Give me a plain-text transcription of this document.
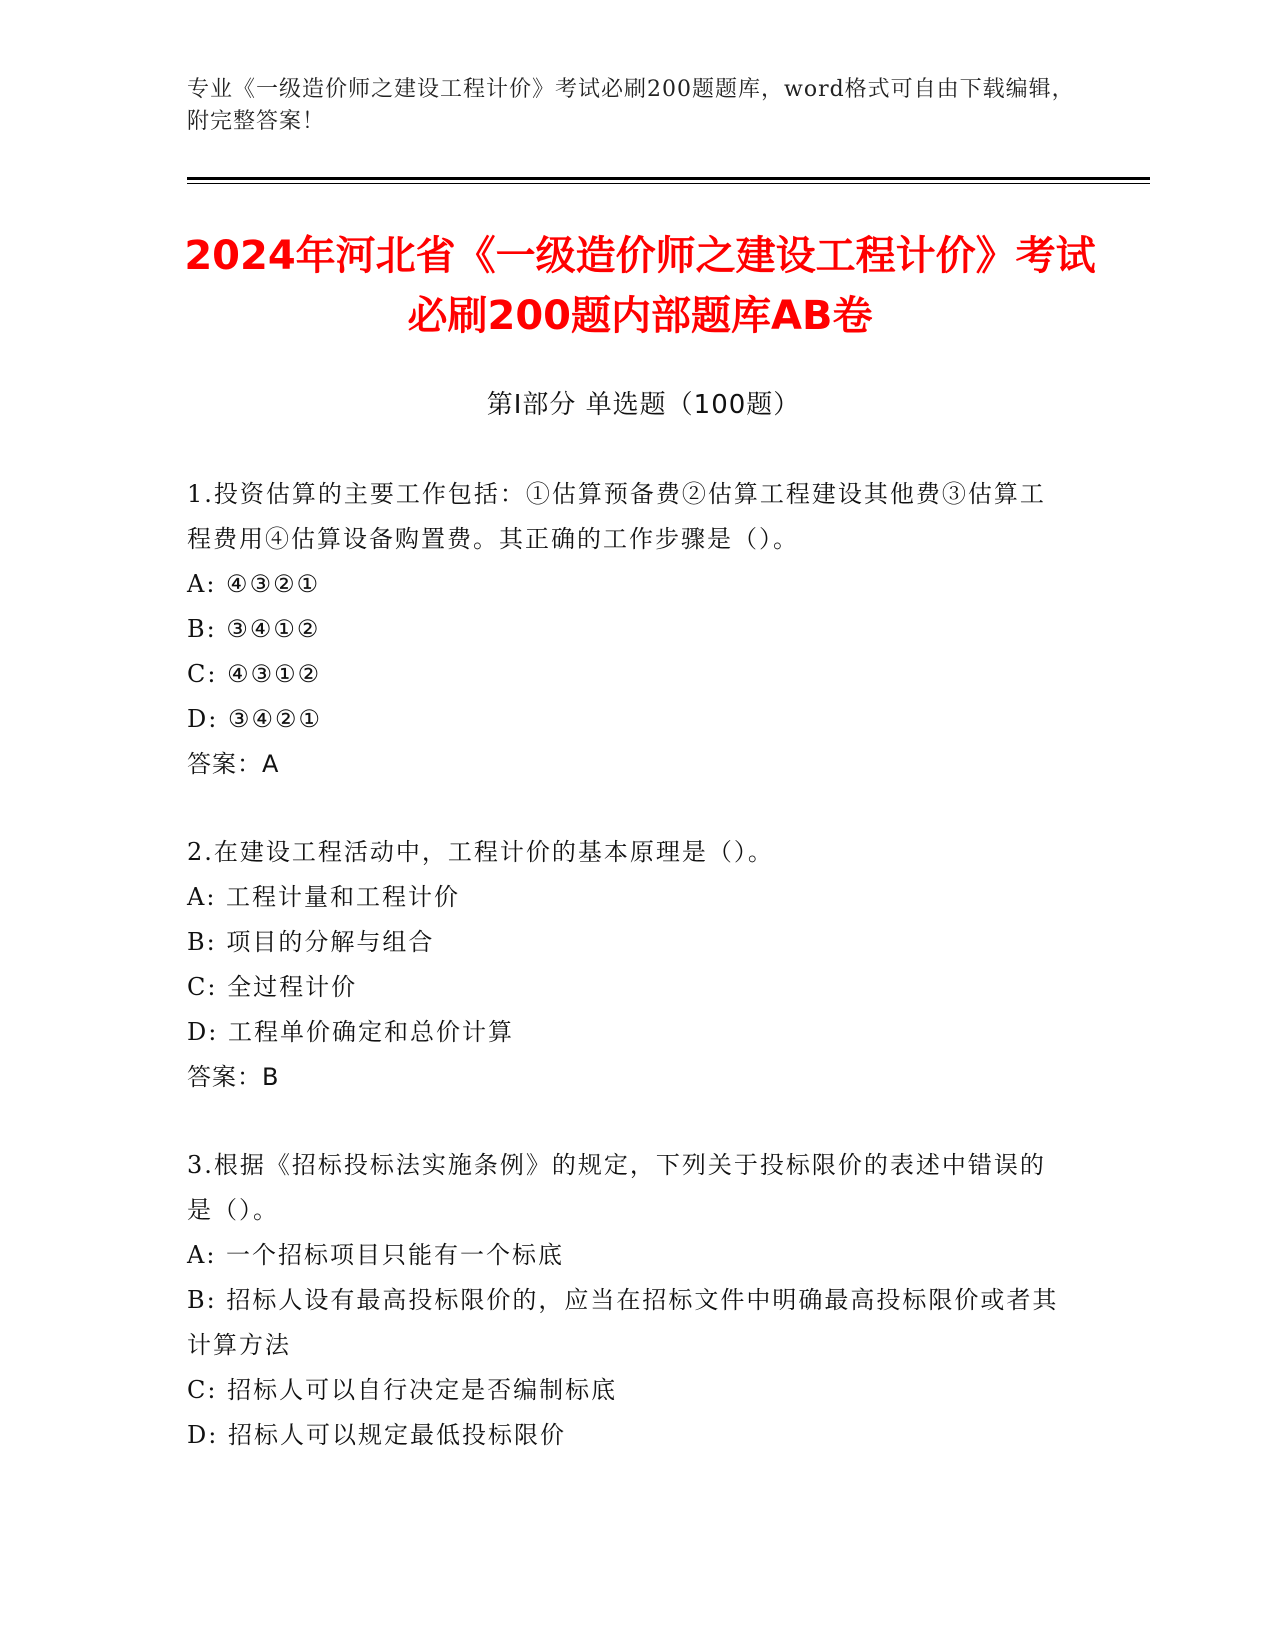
专业《一级造价师之建设工程计价》考试必刷200题题库，word格式可自由下载编辑，附完整答案！
2024年河北省《一级造价师之建设工程计价》考试必刷200题内部题库AB卷
第I部分 单选题（100题）
1.投资估算的主要工作包括：①估算预备费②估算工程建设其他费③估算工程费用④估算设备购置费。其正确的工作步骤是（）。
A: ④③②①
B: ③④①②
C: ④③①②
D: ③④②①
答案：A
2.在建设工程活动中，工程计价的基本原理是（）。
A: 工程计量和工程计价
B: 项目的分解与组合
C: 全过程计价
D: 工程单价确定和总价计算
答案：B
3.根据《招标投标法实施条例》的规定，下列关于投标限价的表述中错误的是（）。
A: 一个招标项目只能有一个标底
B: 招标人设有最高投标限价的，应当在招标文件中明确最高投标限价或者其计算方法
C: 招标人可以自行决定是否编制标底
D: 招标人可以规定最低投标限价
